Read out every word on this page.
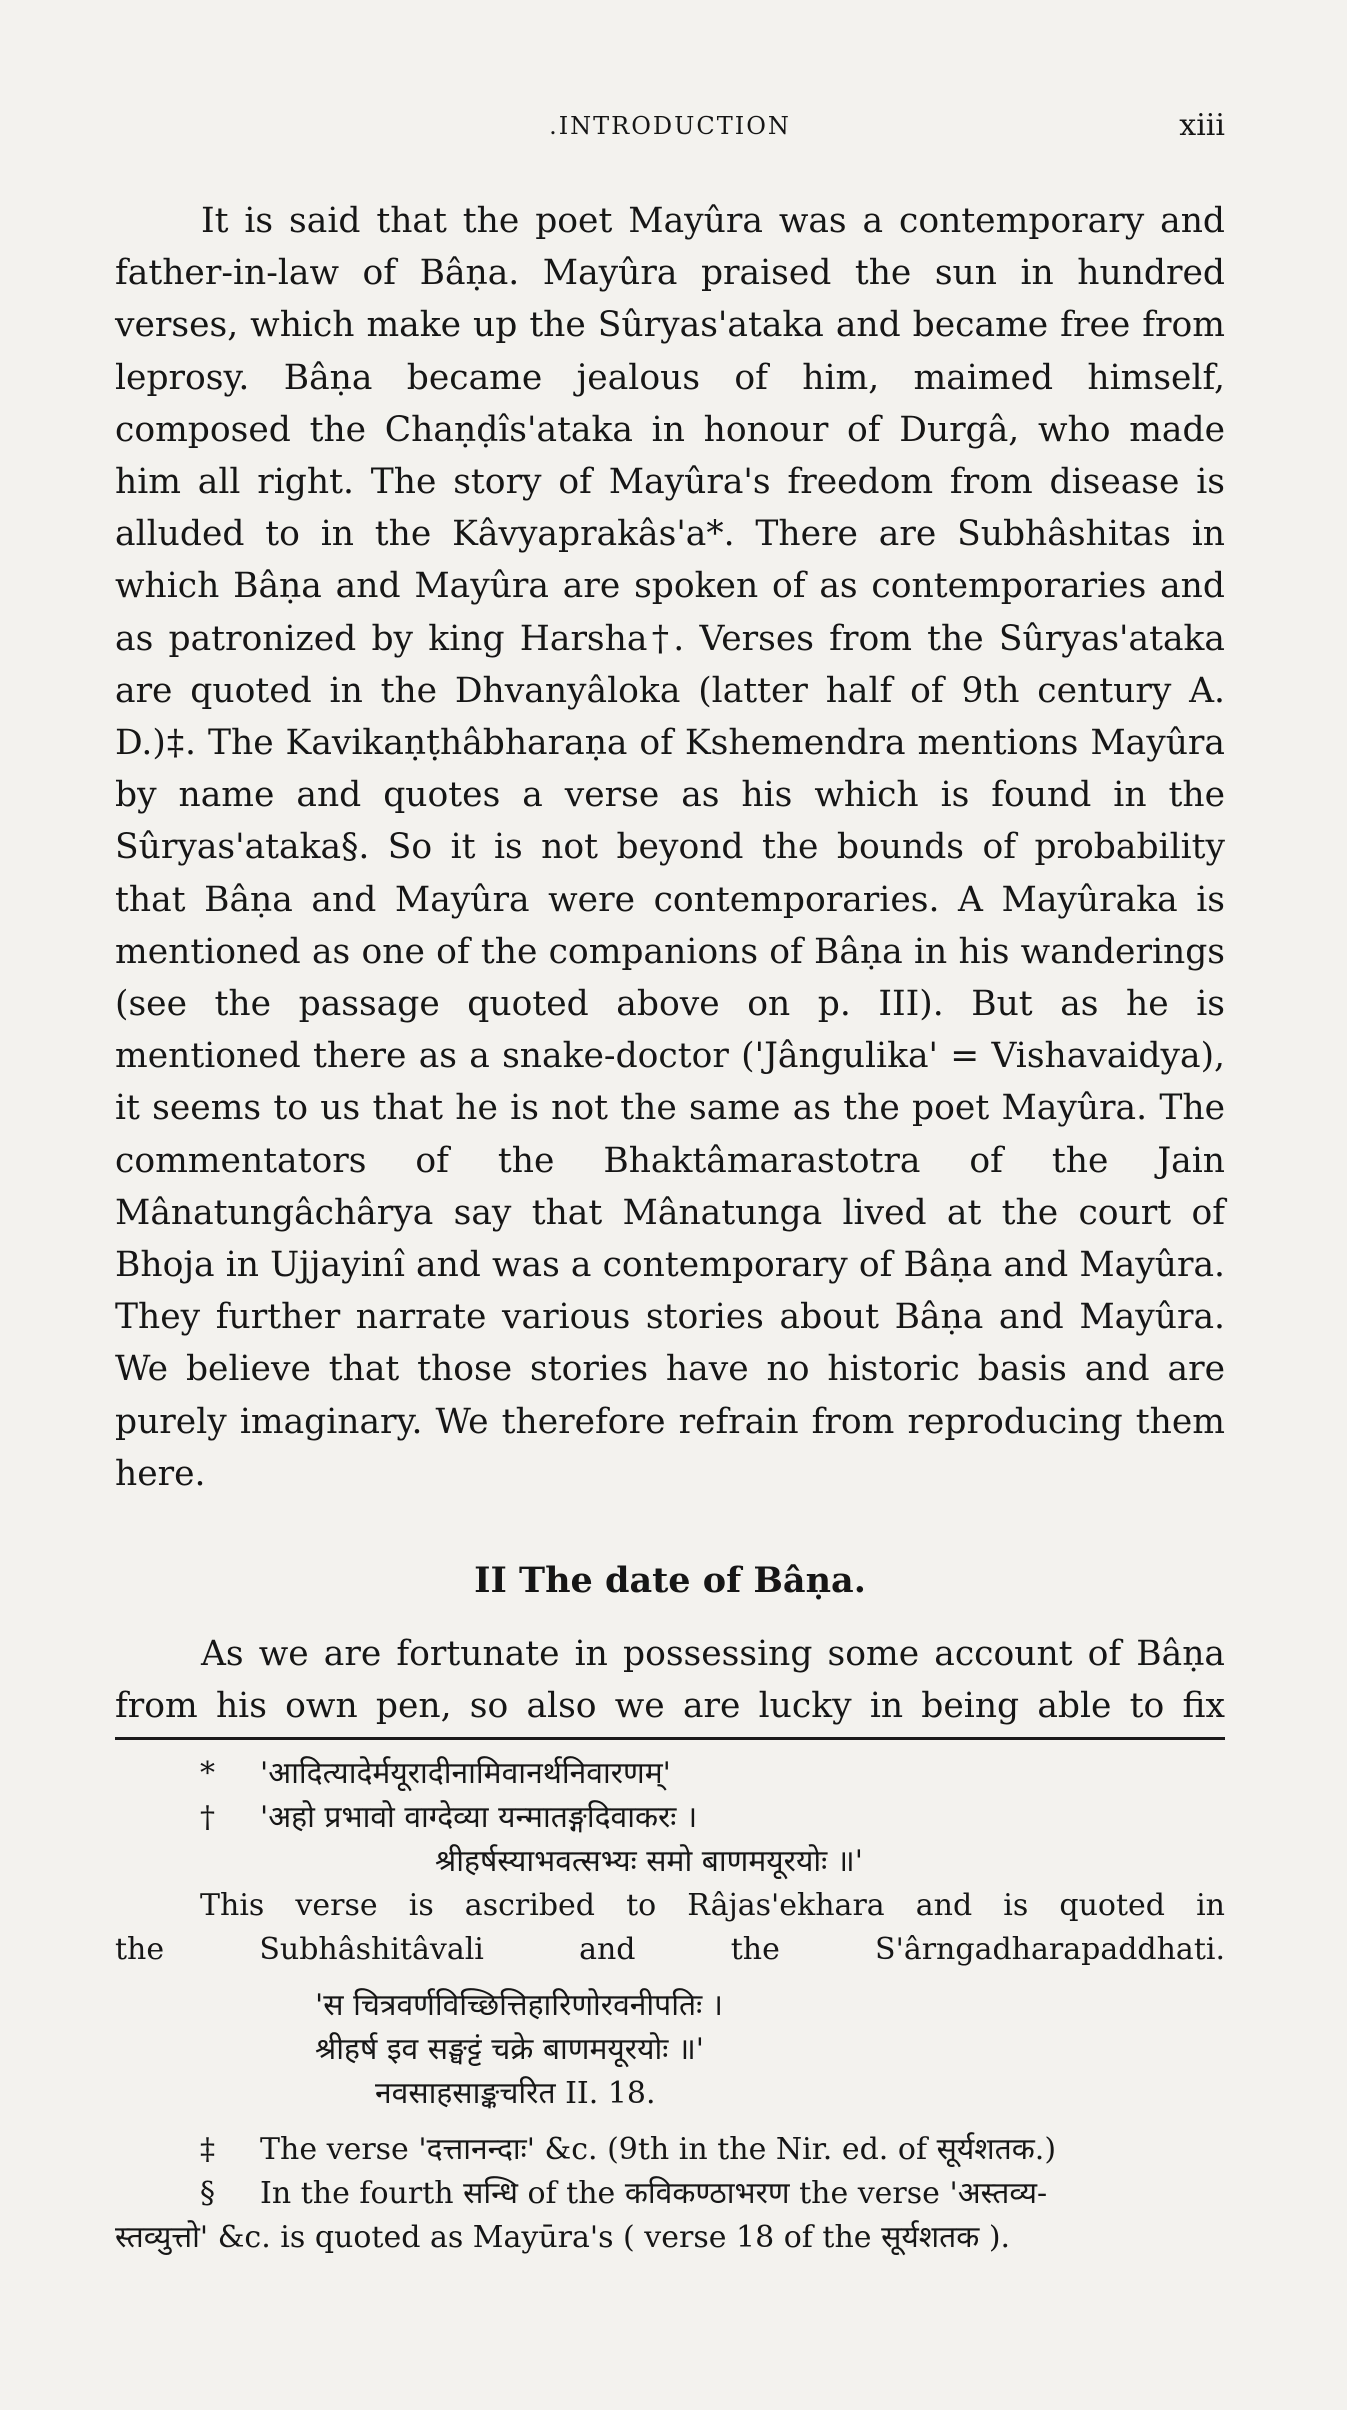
.INTRODUCTION	xiii

It is said that the poet Mayûra was a contemporary and father-in-law of Bâṇa. Mayûra praised the sun in hundred verses, which make up the Sûryas'ataka and became free from leprosy. Bâṇa became jealous of him, maimed himself, composed the Chaṇḍîs'ataka in honour of Durgâ, who made him all right. The story of Mayûra's freedom from disease is alluded to in the Kâvyaprakâs'a*. There are Subhâshitas in which Bâṇa and Mayûra are spoken of as contemporaries and as patronized by king Harsha†. Verses from the Sûryas'ataka are quoted in the Dhvanyâloka (latter half of 9th century A. D.)‡. The Kavikaṇṭhâbharaṇa of Kshemendra mentions Mayûra by name and quotes a verse as his which is found in the Sûryas'ataka§. So it is not beyond the bounds of probability that Bâṇa and Mayûra were contemporaries. A Mayûraka is mentioned as one of the companions of Bâṇa in his wanderings (see the passage quoted above on p. III). But as he is mentioned there as a snake-doctor ('Jângulika' = Vishavaidya), it seems to us that he is not the same as the poet Mayûra. The commentators of the Bhaktâmarastotra of the Jain Mânatungâchârya say that Mânatunga lived at the court of Bhoja in Ujjayinî and was a contemporary of Bâṇa and Mayûra. They further narrate various stories about Bâṇa and Mayûra. We believe that those stories have no historic basis and are purely imaginary. We therefore refrain from reproducing them here.

II The date of Bâṇa.

As we are fortunate in possessing some account of Bâṇa from his own pen, so also we are lucky in being able to fix

*	'आदित्यादेर्मयूरादीनामिवानर्थनिवारणम्'
†	'अहो प्रभावो वाग्देव्या यन्मातङ्गदिवाकरः ।
श्रीहर्षस्याभवत्सभ्यः समो बाणमयूरयोः ॥'
This verse is ascribed to Râjas'ekhara and is quoted in
the Subhâshitâvali and the S'ârngadharapaddhati.
'स चित्रवर्णविच्छित्तिहारिणोरवनीपतिः ।
श्रीहर्ष इव सङ्घट्टं चक्रे बाणमयूरयोः ॥'
नवसाहसाङ्कचरित II. 18.
‡	The verse 'दत्तानन्दाः' &c. (9th in the Nir. ed. of सूर्यशतक.)
§	In the fourth सन्धि of the कविकण्ठाभरण the verse 'अस्तव्य-
स्तव्युत्तो' &c. is quoted as Mayūra's ( verse 18 of the सूर्यशतक ).
